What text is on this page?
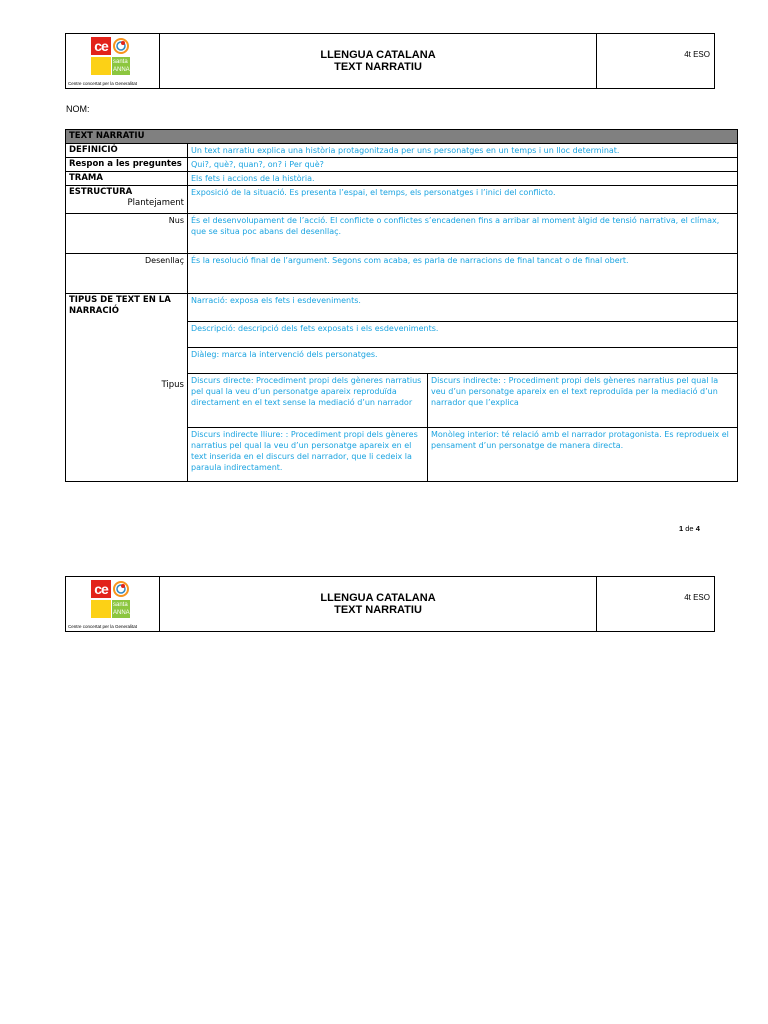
ce
santa ANNA
Centre concertat per la Generalitat
LLENGUA CATALANA
TEXT NARRATIU
4t ESO
NOM:
TEXT NARRATIU		
DEFINICIÓ	Un text narratiu explica una història protagonitzada per uns personatges en un temps i un lloc determinat.	
Respon a les preguntes	Qui?, què?, quan?, on? i Per què?	
TRAMA	Els fets i accions de la història.	
ESTRUCTURA
Plantejament	Exposició de la situació. Es presenta l’espai, el temps, els personatges i l’inici del conflicto.	
Nus	És el desenvolupament de l’acció. El conflicte o conflictes s’encadenen fins a arribar al moment àlgid de tensió narrativa, el clímax, que se situa poc abans del desenllaç.	
Desenllaç	És la resolució final de l’argument. Segons com acaba, es parla de narracions de final tancat o de final obert.	
TIPUS DE TEXT EN LA NARRACIÓ
Tipus	Narració: exposa els fets i esdeveniments.	
	Descripció: descripció dels fets exposats i els esdeveniments.	
	Diàleg: marca la intervenció dels personatges.	
	Discurs directe: Procediment propi dels gèneres narratius pel qual la veu d’un personatge apareix reproduïda directament en el text sense la mediació d’un narrador	Discurs indirecte: : Procediment propi dels gèneres narratius pel qual la veu d’un personatge apareix en el text reproduïda per la mediació d’un narrador que l’explica
	Discurs indirecte lliure: : Procediment propi dels gèneres narratius pel qual la veu d’un personatge apareix en el text inserida en el discurs del narrador, que li cedeix la paraula indirectament.	Monòleg interior: té relació amb el narrador protagonista. Es reprodueix el pensament d’un personatge de manera directa.
1 de 4
ce
santa ANNA
Centre concertat per la Generalitat
LLENGUA CATALANA
TEXT NARRATIU
4t ESO
